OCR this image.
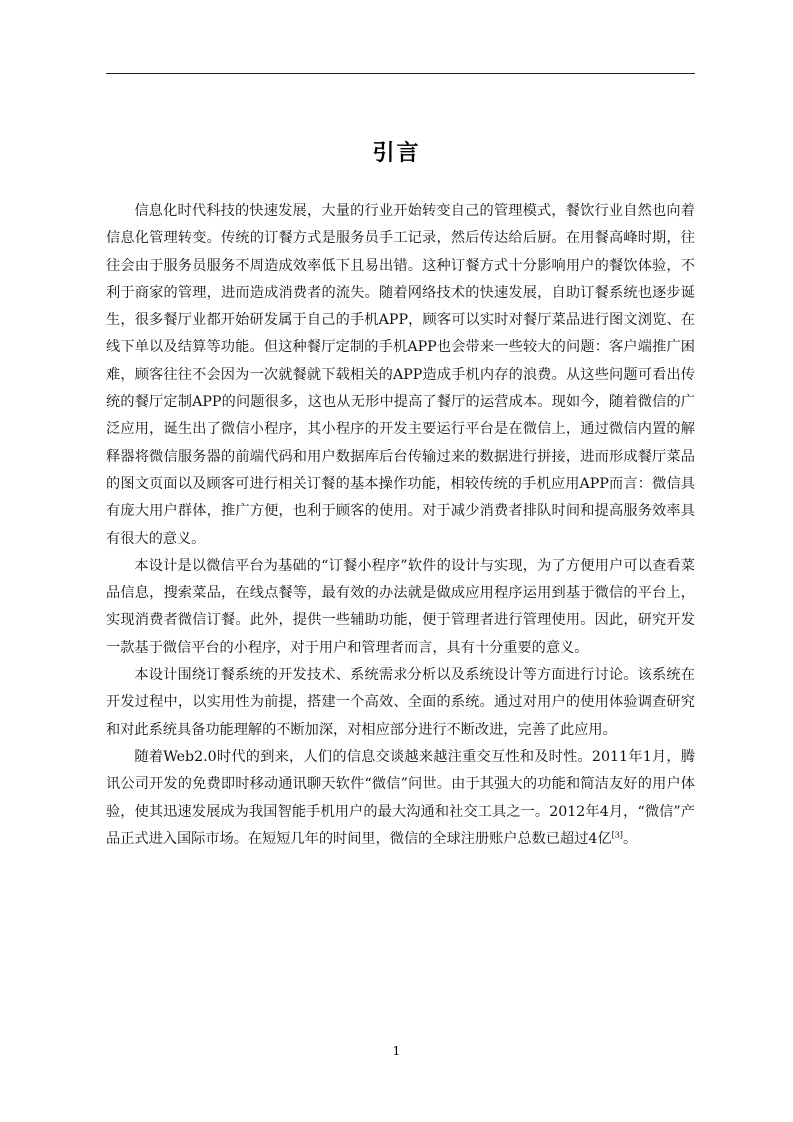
引言

信息化时代科技的快速发展，大量的行业开始转变自己的管理模式，餐饮行业自然也向着信息化管理转变。传统的订餐方式是服务员手工记录，然后传达给后厨。在用餐高峰时期，往往会由于服务员服务不周造成效率低下且易出错。这种订餐方式十分影响用户的餐饮体验，不利于商家的管理，进而造成消费者的流失。随着网络技术的快速发展，自助订餐系统也逐步诞生，很多餐厅业都开始研发属于自己的手机APP，顾客可以实时对餐厅菜品进行图文浏览、在线下单以及结算等功能。但这种餐厅定制的手机APP也会带来一些较大的问题：客户端推广困难，顾客往往不会因为一次就餐就下载相关的APP造成手机内存的浪费。从这些问题可看出传统的餐厅定制APP的问题很多，这也从无形中提高了餐厅的运营成本。现如今，随着微信的广泛应用，诞生出了微信小程序，其小程序的开发主要运行平台是在微信上，通过微信内置的解释器将微信服务器的前端代码和用户数据库后台传输过来的数据进行拼接，进而形成餐厅菜品的图文页面以及顾客可进行相关订餐的基本操作功能，相较传统的手机应用APP而言：微信具有庞大用户群体，推广方便，也利于顾客的使用。对于减少消费者排队时间和提高服务效率具有很大的意义。

本设计是以微信平台为基础的“订餐小程序”软件的设计与实现，为了方便用户可以查看菜品信息，搜索菜品，在线点餐等，最有效的办法就是做成应用程序运用到基于微信的平台上，实现消费者微信订餐。此外，提供一些辅助功能，便于管理者进行管理使用。因此，研究开发一款基于微信平台的小程序，对于用户和管理者而言，具有十分重要的意义。

本设计围绕订餐系统的开发技术、系统需求分析以及系统设计等方面进行讨论。该系统在开发过程中，以实用性为前提，搭建一个高效、全面的系统。通过对用户的使用体验调查研究和对此系统具备功能理解的不断加深，对相应部分进行不断改进，完善了此应用。

随着Web2.0时代的到来，人们的信息交谈越来越注重交互性和及时性。2011年1月，腾讯公司开发的免费即时移动通讯聊天软件“微信”问世。由于其强大的功能和简洁友好的用户体验，使其迅速发展成为我国智能手机用户的最大沟通和社交工具之一。2012年4月，“微信”产品正式进入国际市场。在短短几年的时间里，微信的全球注册账户总数已超过4亿[3]。

1
